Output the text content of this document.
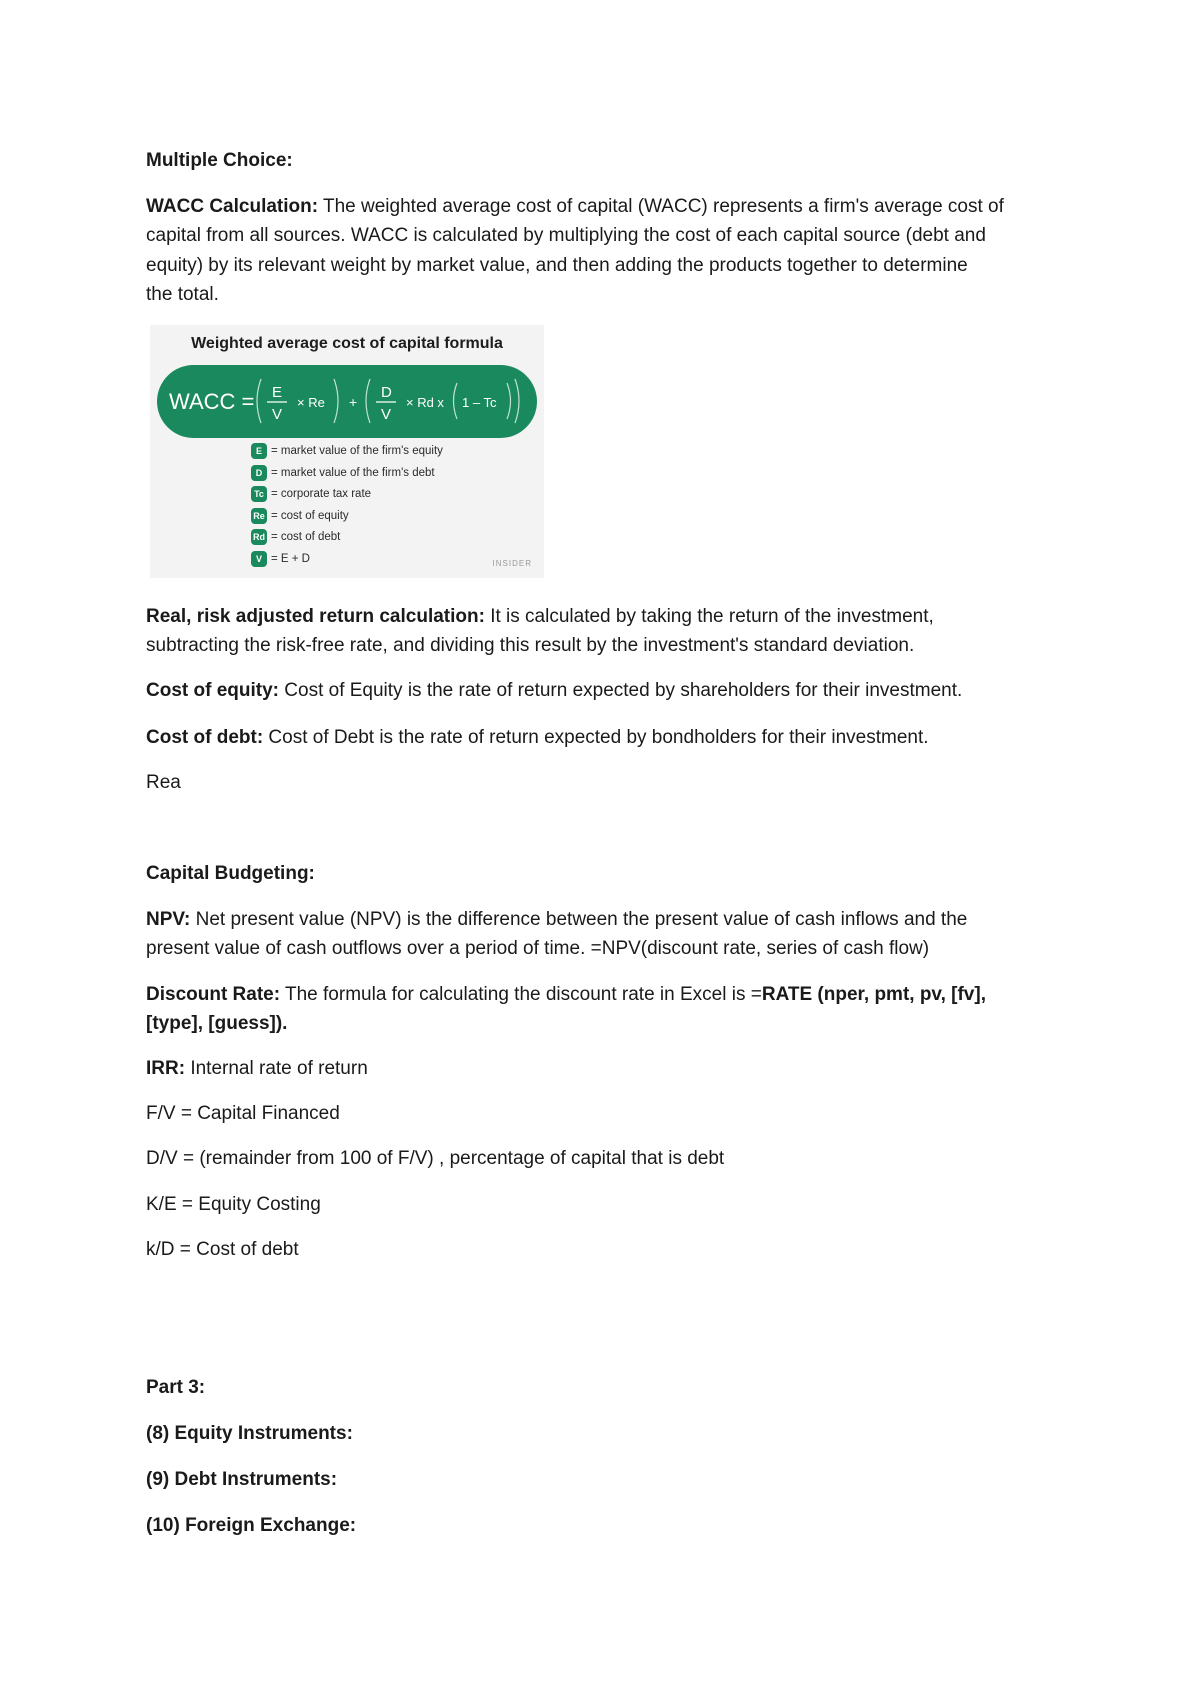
Multiple Choice:
WACC Calculation: The weighted average cost of capital (WACC) represents a firm's average cost of
capital from all sources. WACC is calculated by multiplying the cost of each capital source (debt and
equity) by its relevant weight by market value, and then adding the products together to determine
the total.
Weighted average cost of capital formula
WACC = E
V
× Re +
D
V
× Rd x 1 – Tc
E = market value of the firm's equity
D = market value of the firm's debt
Tc = corporate tax rate
Re = cost of equity
Rd = cost of debt
V = E + D	INSIDER
Real, risk adjusted return calculation: It is calculated by taking the return of the investment,
subtracting the risk-free rate, and dividing this result by the investment's standard deviation.
Cost of equity: Cost of Equity is the rate of return expected by shareholders for their investment.
Cost of debt: Cost of Debt is the rate of return expected by bondholders for their investment.
Rea
Capital Budgeting:
NPV: Net present value (NPV) is the difference between the present value of cash inflows and the
present value of cash outflows over a period of time. =NPV(discount rate, series of cash flow)
Discount Rate: The formula for calculating the discount rate in Excel is =RATE (nper, pmt, pv, [fv],
[type], [guess]).
IRR: Internal rate of return
F/V = Capital Financed
D/V = (remainder from 100 of F/V) , percentage of capital that is debt
K/E = Equity Costing
k/D = Cost of debt
Part 3:
(8) Equity Instruments:
(9) Debt Instruments:
(10) Foreign Exchange:
